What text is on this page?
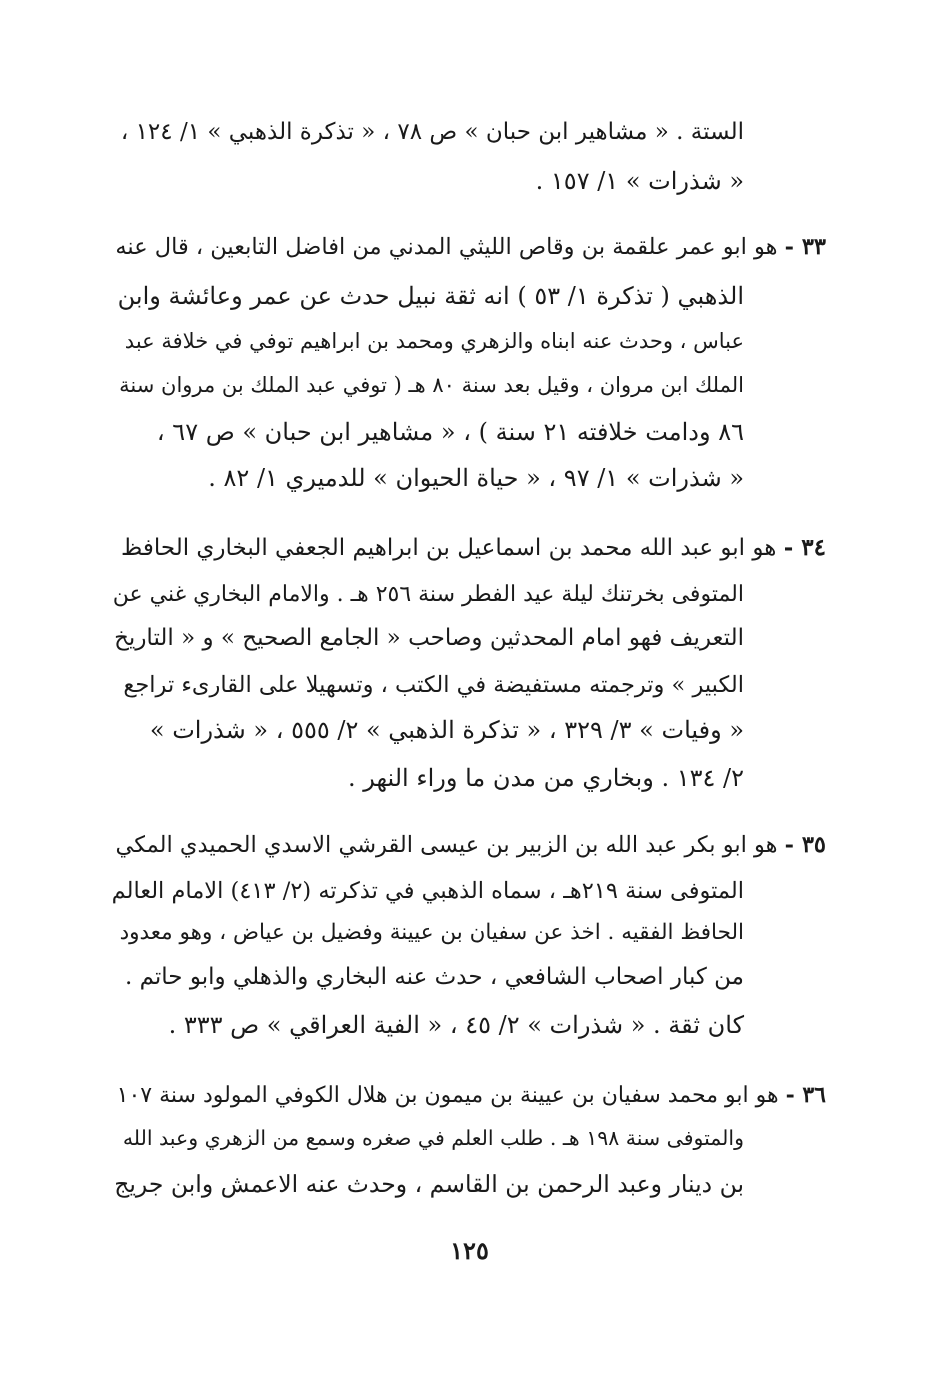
الستة . « مشاهير ابن حبان » ص ٧٨ ، « تذكرة الذهبي » ١/ ١٢٤ ،
« شذرات » ١/ ١٥٧ .
٣٣ - هو ابو عمر علقمة بن وقاص الليثي المدني من افاضل التابعين ، قال عنه
الذهبي ( تذكرة ١/ ٥٣ ) انه ثقة نبيل حدث عن عمر وعائشة وابن
عباس ، وحدث عنه ابناه والزهري ومحمد بن ابراهيم توفي في خلافة عبد
الملك ابن مروان ، وقيل بعد سنة ٨٠ هـ ( توفي عبد الملك بن مروان سنة
٨٦ ودامت خلافته ٢١ سنة ) ، « مشاهير ابن حبان » ص ٦٧ ،
« شذرات » ١/ ٩٧ ، « حياة الحيوان » للدميري ١/ ٨٢ .
٣٤ - هو ابو عبد الله محمد بن اسماعيل بن ابراهيم الجعفي البخاري الحافظ
المتوفى بخرتنك ليلة عيد الفطر سنة ٢٥٦ هـ . والامام البخاري غني عن
التعريف فهو امام المحدثين وصاحب « الجامع الصحيح » و « التاريخ
الكبير » وترجمته مستفيضة في الكتب ، وتسهيلا على القارىء تراجع
« وفيات » ٣/ ٣٢٩ ، « تذكرة الذهبي » ٢/ ٥٥٥ ، « شذرات »
٢/ ١٣٤ . وبخاري من مدن ما وراء النهر .
٣٥ - هو ابو بكر عبد الله بن الزبير بن عيسى القرشي الاسدي الحميدي المكي
المتوفى سنة ٢١٩هـ ، سماه الذهبي في تذكرته (٢/ ٤١٣) الامام العالم
الحافظ الفقيه . اخذ عن سفيان بن عيينة وفضيل بن عياض ، وهو معدود
من كبار اصحاب الشافعي ، حدث عنه البخاري والذهلي وابو حاتم .
كان ثقة . « شذرات » ٢/ ٤٥ ، « الفية العراقي » ص ٣٣٣ .
٣٦ - هو ابو محمد سفيان بن عيينة بن ميمون بن هلال الكوفي المولود سنة ١٠٧
والمتوفى سنة ١٩٨ هـ . طلب العلم في صغره وسمع من الزهري وعبد الله
بن دينار وعبد الرحمن بن القاسم ، وحدث عنه الاعمش وابن جريج
١٢٥
